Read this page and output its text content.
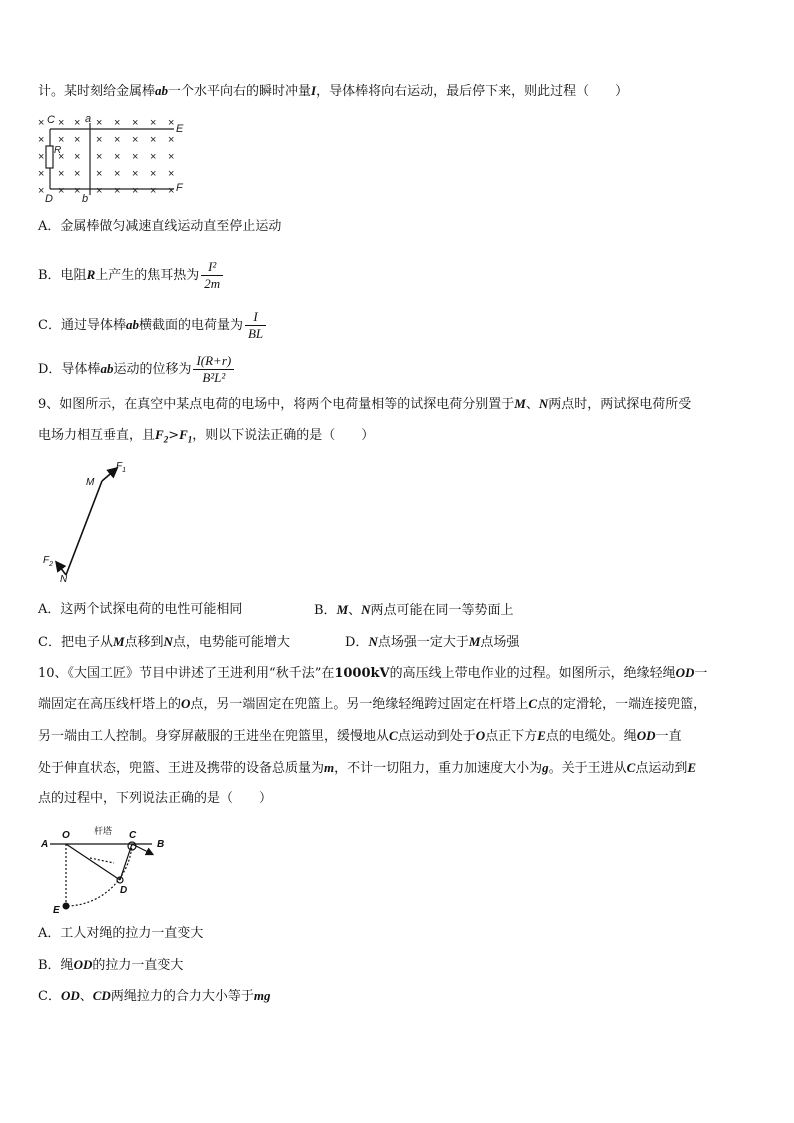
计。某时刻给金属棒ab一个水平向右的瞬时冲量I，导体棒将向右运动，最后停下来，则此过程（　　）
× × × × × × × ×
× × × × × × × ×
× × × × × × × ×
× × × × × × × ×
× × × × × × × ×
C	a
E
R
D	b
F
A．金属棒做匀减速直线运动直至停止运动
B．电阻R上产生的焦耳热为 $\frac{\text{I²}}{2m}$
C．通过导体棒ab横截面的电荷量为 $\frac{I}{BL}$
D．导体棒ab运动的位移为 $\frac{I(R+r)}{\text{B²L²}}$
9、如图所示，在真空中某点电荷的电场中，将两个电荷量相等的试探电荷分别置于M、N两点时，两试探电荷所受
电场力相互垂直，且$F_2>F_1$，则以下说法正确的是（　　）
$F_1$
M
$F_2$
N
A．这两个试探电荷的电性可能相同	B．M、N两点可能在同一等势面上
C．把电子从M点移到N点，电势能可能增大	D．N点场强一定大于M点场强
10、《大国工匠》节目中讲述了王进利用“秋千法”在1000kV的高压线上带电作业的过程。如图所示，绝缘轻绳OD一
端固定在高压线杆塔上的O点，另一端固定在兜篮上。另一绝缘轻绳跨过固定在杆塔上C点的定滑轮，一端连接兜篮，
另一端由工人控制。身穿屏蔽服的王进坐在兜篮里，缓慢地从C点运动到处于O点正下方E点的电缆处。绳OD一直
处于伸直状态，兜篮、王进及携带的设备总质量为m，不计一切阻力，重力加速度大小为g。关于王进从C点运动到E
点的过程中，下列说法正确的是（　　）
杆塔
A
O	C
B
D
E
A．工人对绳的拉力一直变大
B．绳OD的拉力一直变大
C．OD、CD两绳拉力的合力大小等于mg
